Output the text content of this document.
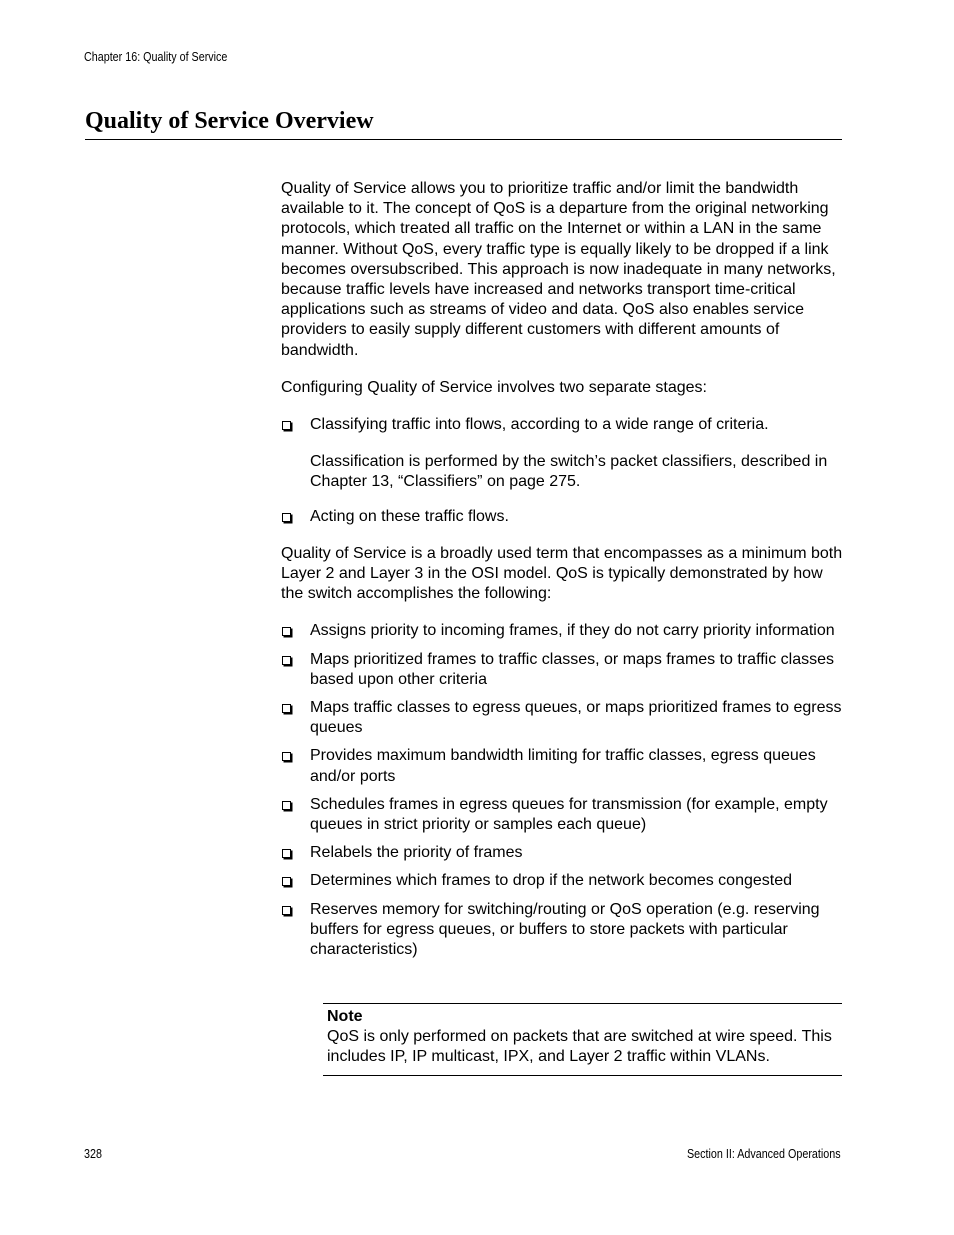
Chapter 16: Quality of Service
Quality of Service Overview

Quality of Service allows you to prioritize traffic and/or limit the bandwidth available to it. The concept of QoS is a departure from the original networking protocols, which treated all traffic on the Internet or within a LAN in the same manner. Without QoS, every traffic type is equally likely to be dropped if a link becomes oversubscribed. This approach is now inadequate in many networks, because traffic levels have increased and networks transport time-critical applications such as streams of video and data. QoS also enables service providers to easily supply different customers with different amounts of bandwidth.

Configuring Quality of Service involves two separate stages:

Classifying traffic into flows, according to a wide range of criteria.

Classification is performed by the switch’s packet classifiers, described in Chapter 13, “Classifiers” on page 275.

Acting on these traffic flows.

Quality of Service is a broadly used term that encompasses as a minimum both Layer 2 and Layer 3 in the OSI model. QoS is typically demonstrated by how the switch accomplishes the following:

Assigns priority to incoming frames, if they do not carry priority information
Maps prioritized frames to traffic classes, or maps frames to traffic classes based upon other criteria
Maps traffic classes to egress queues, or maps prioritized frames to egress queues
Provides maximum bandwidth limiting for traffic classes, egress queues and/or ports
Schedules frames in egress queues for transmission (for example, empty queues in strict priority or samples each queue)
Relabels the priority of frames
Determines which frames to drop if the network becomes congested
Reserves memory for switching/routing or QoS operation (e.g. reserving buffers for egress queues, or buffers to store packets with particular characteristics)
Note
QoS is only performed on packets that are switched at wire speed. This includes IP, IP multicast, IPX, and Layer 2 traffic within VLANs.
328	Section II: Advanced Operations
